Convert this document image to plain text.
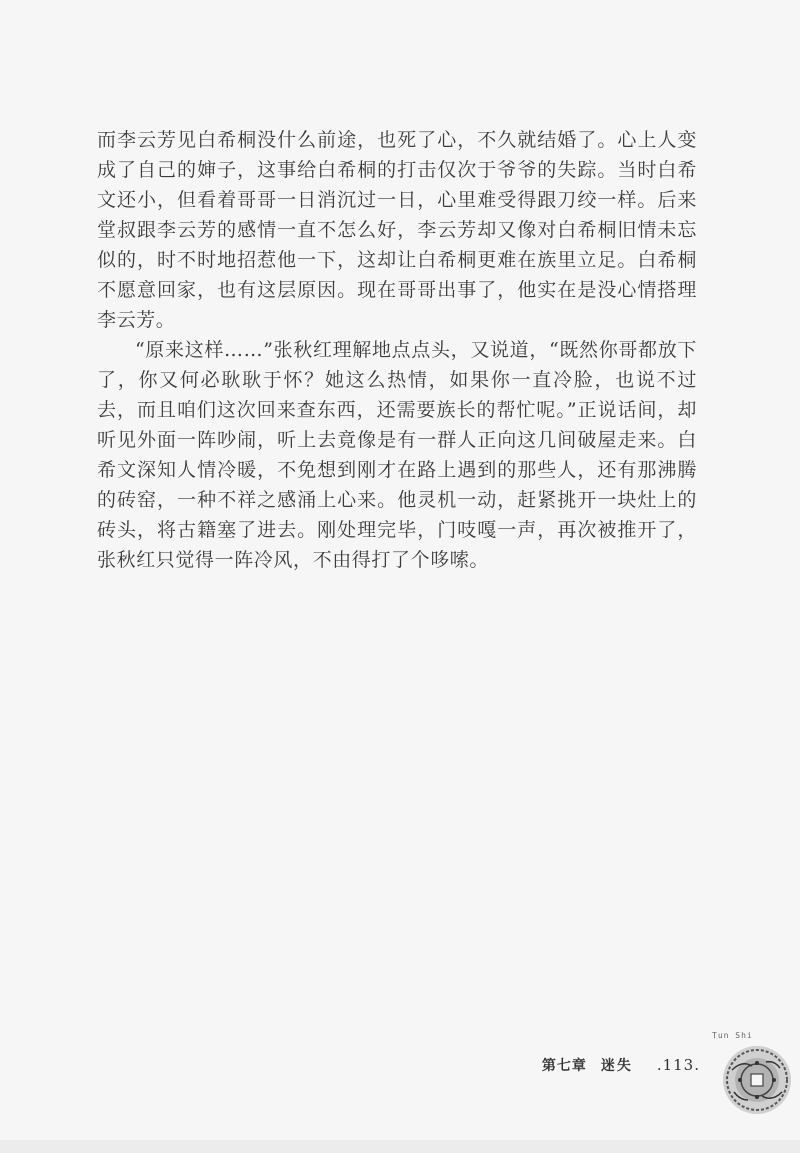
而李云芳见白希桐没什么前途，也死了心，不久就结婚了。心上人变成了自己的婶子，这事给白希桐的打击仅次于爷爷的失踪。当时白希文还小，但看着哥哥一日消沉过一日，心里难受得跟刀绞一样。后来堂叔跟李云芳的感情一直不怎么好，李云芳却又像对白希桐旧情未忘似的，时不时地招惹他一下，这却让白希桐更难在族里立足。白希桐不愿意回家，也有这层原因。现在哥哥出事了，他实在是没心情搭理李云芳。

“原来这样……”张秋红理解地点点头，又说道，“既然你哥都放下了，你又何必耿耿于怀？她这么热情，如果你一直冷脸，也说不过去，而且咱们这次回来查东西，还需要族长的帮忙呢。”正说话间，却听见外面一阵吵闹，听上去竟像是有一群人正向这几间破屋走来。白希文深知人情冷暖，不免想到刚才在路上遇到的那些人，还有那沸腾的砖窑，一种不祥之感涌上心来。他灵机一动，赶紧挑开一块灶上的砖头，将古籍塞了进去。刚处理完毕，门吱嘎一声，再次被推开了，张秋红只觉得一阵冷风，不由得打了个哆嗦。

第七章 迷失 .113.
Tun Shi
